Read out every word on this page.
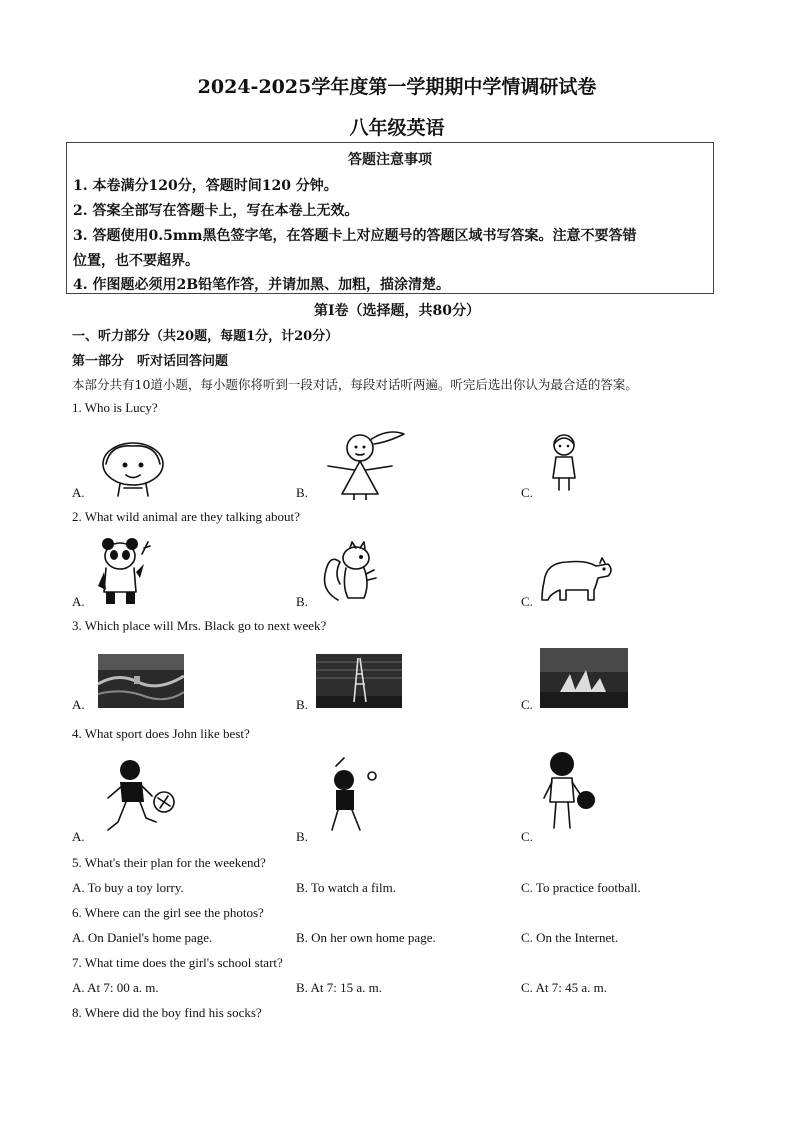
2024-2025学年度第一学期期中学情调研试卷
八年级英语
答题注意事项
1. 本卷满分120分，答题时间120 分钟。
2. 答案全部写在答题卡上，写在本卷上无效。
3. 答题使用0.5mm黑色签字笔，在答题卡上对应题号的答题区域书写答案。注意不要答错
位置，也不要超界。
4. 作图题必须用2B铅笔作答，并请加黑、加粗，描涂清楚。
第Ⅰ卷（选择题，共80分）
一、听力部分（共20题，每题1分，计20分）
第一部分　听对话回答问题
本部分共有10道小题，每小题你将听到一段对话，每段对话听两遍。听完后选出你认为最合适的答案。
1. Who is Lucy?
A.	B.	C.
2. What wild animal are they talking about?
A.	B.	C.
3. Which place will Mrs. Black go to next week?
A.	B.	C.
4. What sport does John like best?
A.	B.	C.
5. What's their plan for the weekend?
A. To buy a toy lorry.	B. To watch a film.	C. To practice football.
6. Where can the girl see the photos?
A. On Daniel's home page.	B. On her own home page.	C. On the Internet.
7. What time does the girl's school start?
A. At 7: 00 a. m.	B. At 7: 15 a. m.	C. At 7: 45 a. m.
8. Where did the boy find his socks?
